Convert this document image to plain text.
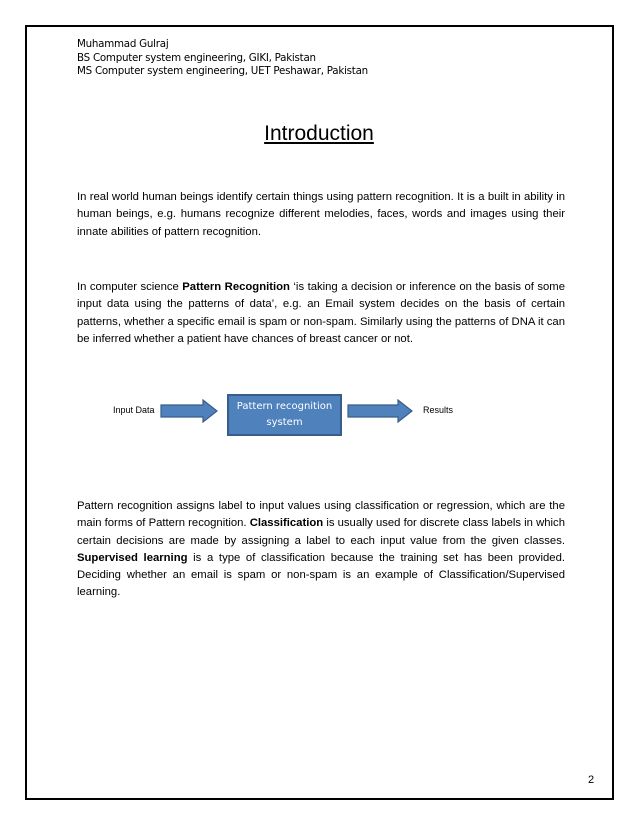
Muhammad Gulraj
BS Computer system engineering, GIKI, Pakistan
MS Computer system engineering, UET Peshawar, Pakistan
Introduction

In real world human beings identify certain things using pattern recognition. It is a built in ability in human beings, e.g. humans recognize different melodies, faces, words and images using their innate abilities of pattern recognition.

In computer science Pattern Recognition ‘is taking a decision or inference on the basis of some input data using the patterns of data’, e.g. an Email system decides on the basis of certain patterns, whether a specific email is spam or non-spam. Similarly using the patterns of DNA it can be inferred whether a patient have chances of breast cancer or not.

Input Data	Pattern recognition
system
Results

Pattern recognition assigns label to input values using classification or regression, which are the main forms of Pattern recognition. Classification is usually used for discrete class labels in which certain decisions are made by assigning a label to each input value from the given classes. Supervised learning is a type of classification because the training set has been provided. Deciding whether an email is spam or non-spam is an example of Classification/Supervised learning.

2
